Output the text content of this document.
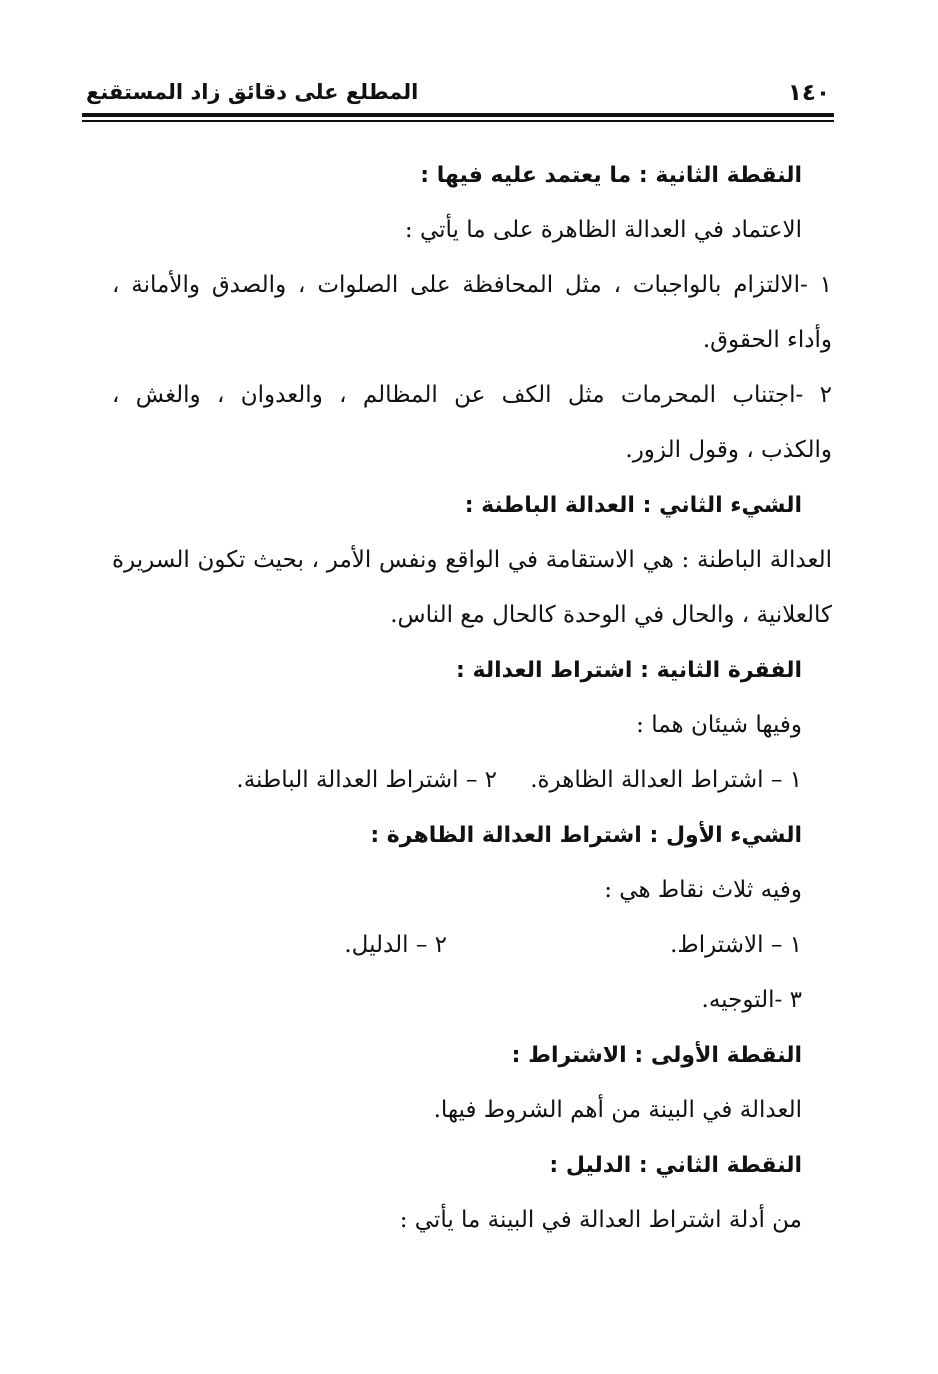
١٤٠
المطلع على دقائق زاد المستقنع
النقطة الثانية : ما يعتمد عليه فيها :
الاعتماد في العدالة الظاهرة على ما يأتي :
١ -الالتزام بالواجبات ، مثل المحافظة على الصلوات ، والصدق والأمانة ،
وأداء الحقوق.
٢ -اجتناب المحرمات مثل الكف عن المظالم ، والعدوان ، والغش ،
والكذب ، وقول الزور.
الشيء الثاني : العدالة الباطنة :
العدالة الباطنة : هي الاستقامة في الواقع ونفس الأمر ، بحيث تكون السريرة
كالعلانية ، والحال في الوحدة كالحال مع الناس.
الفقرة الثانية : اشتراط العدالة :
وفيها شيئان هما :
١ – اشتراط العدالة الظاهرة.
٢ – اشتراط العدالة الباطنة.
الشيء الأول : اشتراط العدالة الظاهرة :
وفيه ثلاث نقاط هي :
١ – الاشتراط.
٢ – الدليل.
٣ -التوجيه.
النقطة الأولى : الاشتراط :
العدالة في البينة من أهم الشروط فيها.
النقطة الثاني : الدليل :
من أدلة اشتراط العدالة في البينة ما يأتي :
